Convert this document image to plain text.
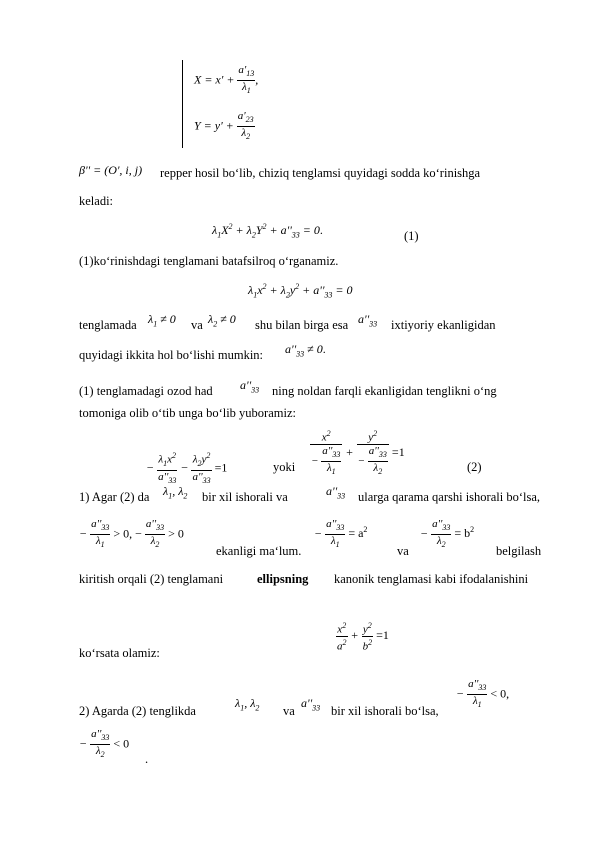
$X = x' + \frac{a'_{13}}{\lambda_1}$ ,
$Y = y' + \frac{a'_{23}}{\lambda_2}$
β'' = (O', i, j) repper hosil bo‘lib, chiziq tenglamsi quyidagi sodda ko‘rinishga
keladi:
$\lambda_1X^2 + \lambda_2Y^2 + a''_{33} = 0$.	(1)
(1)ko‘rinishdagi tenglamani batafsilroq o‘rganamiz.
$\lambda_1x^2 + \lambda_2y^2 + a''_{33} = 0$
tenglamada $\lambda_1 \ne 0$ va $\lambda_2 \ne 0$ shu bilan birga esa $a''_{33}$ ixtiyoriy ekanligidan
quyidagi ikkita hol bo‘lishi mumkin: $a''_{33} \ne 0$.
(1) tenglamadagi ozod had $a''_{33}$ ning noldan farqli ekanligidan tenglikni o‘ng
tomoniga olib o‘tib unga bo‘lib yuboramiz:
− $\frac{\lambda_1x^2}{a''_{33}} - \frac{\lambda_2y^2}{a''_{33}} =1$	yoki $\frac{x^2}{- \frac{a''_{33}}{\lambda_1}} + \frac{y^2}{- \frac{a''_{33}}{\lambda_2}} =1$
(2)
1) Agar (2) da $\lambda_1$, $\lambda_2$ bir xil ishorali va	$a''_{33}$ ularga qarama qarshi ishorali bo‘lsa,
− $\frac{a''_{33}}{\lambda_1} > 0$, − $\frac{a''_{33}}{\lambda_2} > 0$
ekanligi ma‘lum.
− $\frac{a''_{33}}{\lambda_1} = a^2$
va
− $\frac{a''_{33}}{\lambda_2} = b^2$
belgilash
kiritish orqali (2) tenglamani	ellipsning kanonik tenglamasi kabi ifodalanishini
$\frac{x^2}{a^2} + \frac{y^2}{b^2} =1$
ko‘rsata olamiz:
2) Agarda (2) tenglikda
$\lambda_1$, $\lambda_2$ va
$a''_{33}$ bir xil ishorali bo‘lsa,
− $\frac{a''_{33}}{\lambda_1} < 0$,
− $\frac{a''_{33}}{\lambda_2} < 0$
.
